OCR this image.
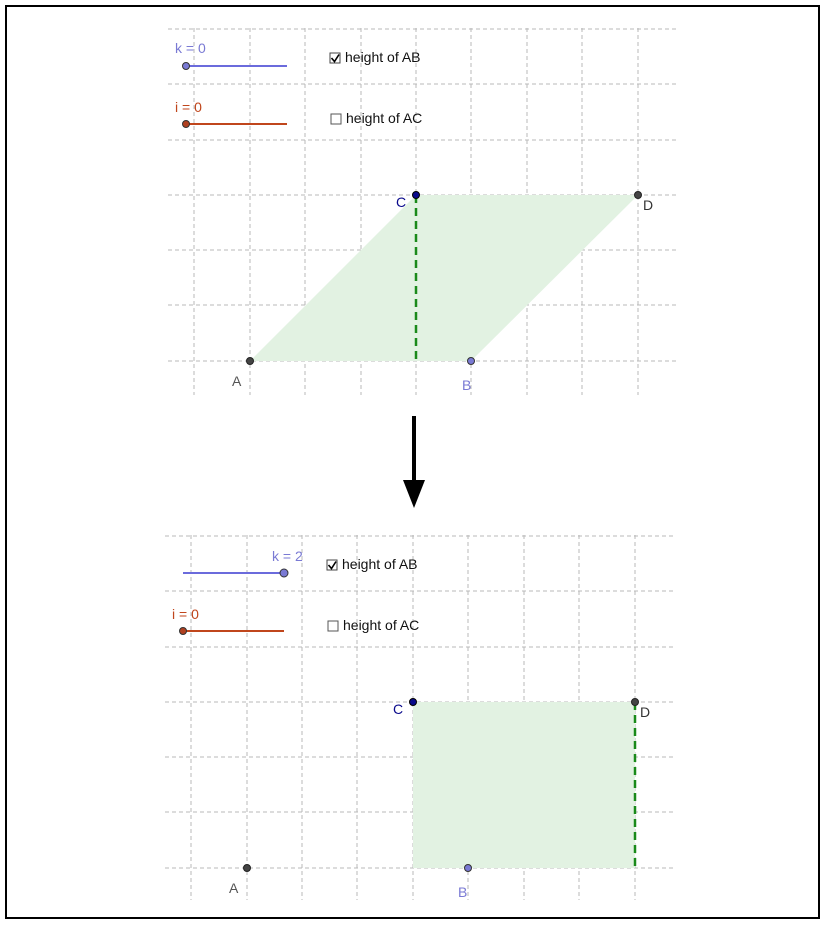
k = 0
i = 0
height of AB
height of AC
A	B
C	D
k = 2
i = 0
height of AB
height of AC
A	B
C	D
